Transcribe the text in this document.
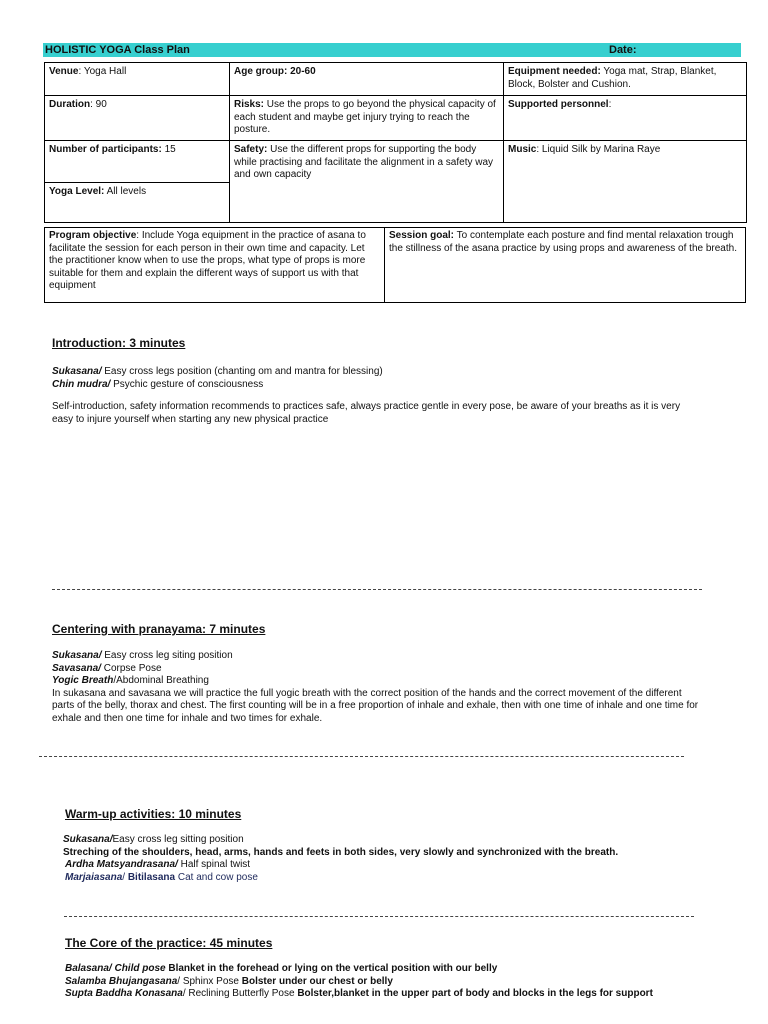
HOLISTIC YOGA Class Plan	Date:
Venue: Yoga Hall	Age group: 20-60	Equipment needed: Yoga mat, Strap, Blanket, Block, Bolster and Cushion.
Duration: 90	Risks: Use the props to go beyond the physical capacity of each student and maybe get injury trying to reach the posture.	Supported personnel:
Number of participants: 15	Safety: Use the different props for supporting the body while practising and facilitate the alignment in a safety way and own capacity	Music: Liquid Silk by Marina Raye
Yoga Level: All levels		
Program objective: Include Yoga equipment in the practice of asana to facilitate the session for each person in their own time and capacity. Let the practitioner know when to use the props, what type of props is more suitable for them and explain the different ways of support us with that equipment	Session goal: To contemplate each posture and find mental relaxation trough the stillness of the asana practice by using props and awareness of the breath.
Introduction: 3 minutes

Sukasana/ Easy cross legs position (chanting om and mantra for blessing)

Chin mudra/ Psychic gesture of consciousness

Self-introduction, safety information recommends to practices safe, always practice gentle in every pose, be aware of your breaths as it is very easy to injure yourself when starting any new physical practice

Centering with pranayama: 7 minutes

Sukasana/ Easy cross leg siting position

Savasana/ Corpse Pose

Yogic Breath/Abdominal Breathing

In sukasana and savasana we will practice the full yogic breath with the correct position of the hands and the correct movement of the different parts of the belly, thorax and chest. The first counting will be in a free proportion of inhale and exhale, then with one time of inhale and one time for exhale and then one time for inhale and two times for exhale.

Warm-up activities: 10 minutes

Sukasana/Easy cross leg sitting position

Streching of the shoulders, head, arms, hands and feets in both sides, very slowly and synchronized with the breath.

Ardha Matsyandrasana/ Half spinal twist

Marjaiasana/ Bitilasana Cat and cow pose

The Core of the practice: 45 minutes

Balasana/ Child pose Blanket in the forehead or lying on the vertical position with our belly

Salamba Bhujangasana/ Sphinx Pose Bolster under our chest or belly

Supta Baddha Konasana/ Reclining Butterfly Pose Bolster,blanket in the upper part of body and blocks in the legs for support
